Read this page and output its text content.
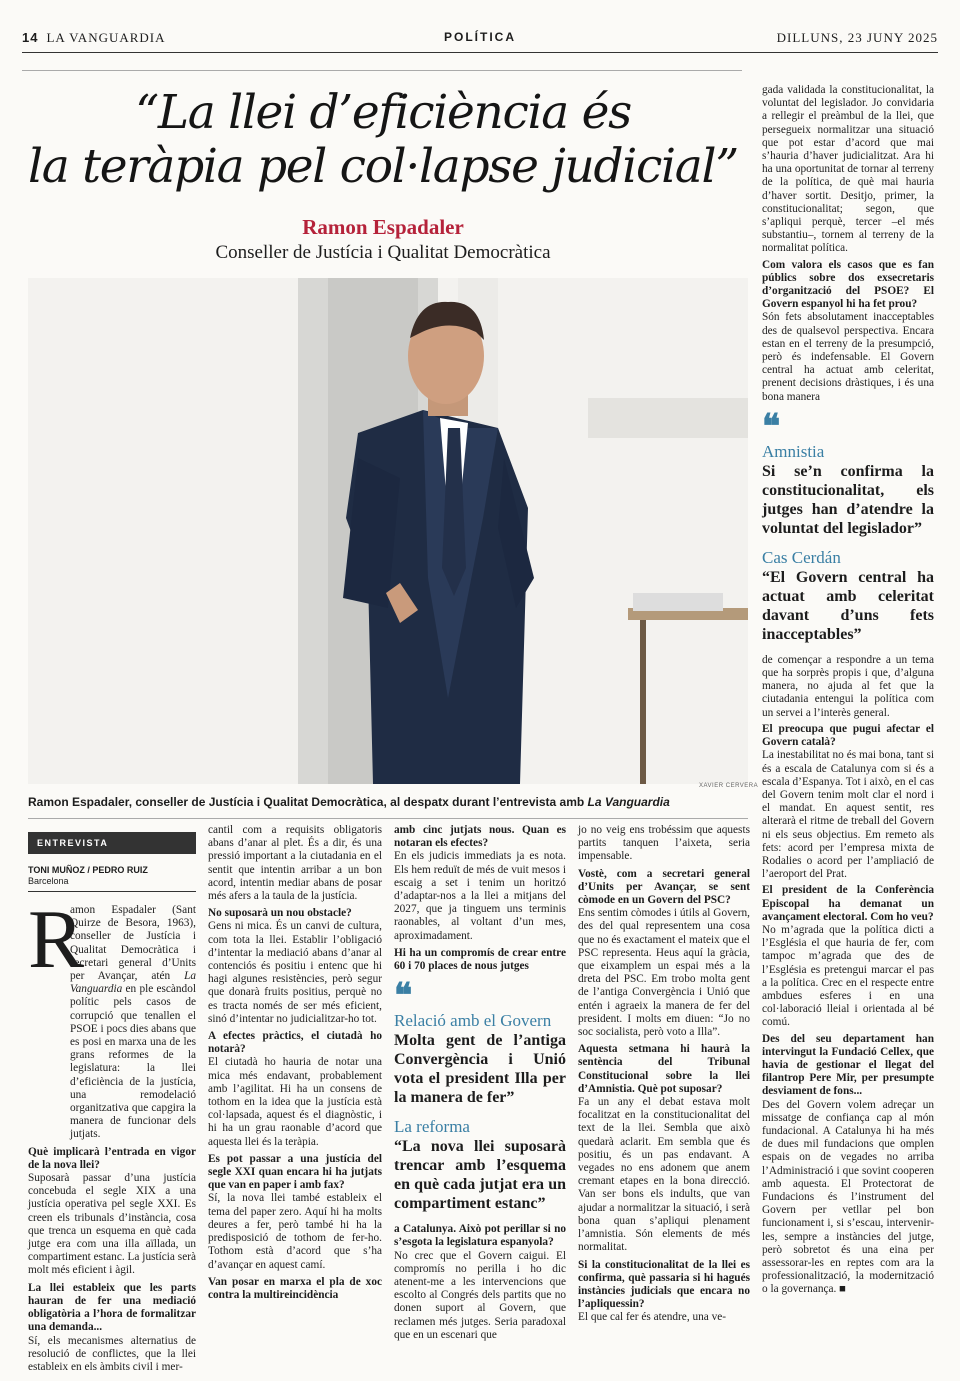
14 LA VANGUARDIA	POLÍTICA	DILLUNS, 23 JUNY 2025
“La llei d’eficiència és
la teràpia pel col·lapse judicial”
Ramon Espadaler
Conseller de Justícia i Qualitat Democràtica
XAVIER CERVERA
Ramon Espadaler, conseller de Justícia i Qualitat Democràtica, al despatx durant l’entrevista amb La Vanguardia
ENTREVISTA
TONI MUÑOZ / PEDRO RUIZ
Barcelona
R

amon Espadaler (Sant Quirze de Besora, 1963), conseller de Justícia i Qualitat Democràtica i secretari general d’Units per Avançar, atén La Vanguardia en ple escàndol polític pels casos de corrupció que tenallen el PSOE i pocs dies abans que es posi en marxa una de les grans reformes de la legislatura: la llei d’eficiència de la justícia, una remodelació organitzativa que capgira la manera de funcionar dels jutjats.

Què implicarà l’entrada en vigor de la nova llei?

Suposarà passar d’una justícia concebuda el segle XIX a una justícia operativa pel segle XXI. Es creen els tribunals d’instància, cosa que trenca un esquema en què cada jutge era com una illa aïllada, un compartiment estanc. La justícia serà molt més eficient i àgil.

La llei estableix que les parts hauran de fer una mediació obligatòria a l’hora de formalitzar una demanda...

Sí, els mecanismes alternatius de resolució de conflictes, que la llei estableix en els àmbits civil i mer-

cantil com a requisits obligatoris abans d’anar al plet. És a dir, és una pressió important a la ciutadania en el sentit que intentin arribar a un bon acord, intentin mediar abans de posar més afers a la taula de la justícia.

No suposarà un nou obstacle?

Gens ni mica. És un canvi de cultura, com tota la llei. Establir l’obligació d’intentar la mediació abans d’anar al contenciós és positiu i entenc que hi hagi algunes resistències, però segur que donarà fruits positius, perquè no es tracta només de ser més eficient, sinó d’intentar no judicialitzar-ho tot.

A efectes pràctics, el ciutadà ho notarà?

El ciutadà ho hauria de notar una mica més endavant, probablement amb l’agilitat. Hi ha un consens de tothom en la idea que la justícia està col·lapsada, aquest és el diagnòstic, i hi ha un grau raonable d’acord que aquesta llei és la teràpia.

Es pot passar a una justícia del segle XXI quan encara hi ha jutjats que van en paper i amb fax?

Sí, la nova llei també estableix el tema del paper zero. Aquí hi ha molts deures a fer, però també hi ha la predisposició de tothom de fer-ho. Tothom està d’acord que s’ha d’avançar en aquest camí.

Van posar en marxa el pla de xoc contra la multireincidència

amb cinc jutjats nous. Quan es notaran els efectes?

En els judicis immediats ja es nota. Els hem reduït de més de vuit mesos i escaig a set i tenim un horitzó d’adaptar-nos a la llei a mitjans del 2027, que ja tinguem uns terminis raonables, al voltant d’un mes, aproximadament.

Hi ha un compromís de crear entre 60 i 70 places de nous jutges

❝
Relació amb el Govern
Molta gent de l’antiga Convergència i Unió vota el president Illa per la manera de fer”
La reforma
“La nova llei suposarà trencar amb l’esquema en què cada jutjat era un compartiment estanc”

a Catalunya. Això pot perillar si no s’esgota la legislatura espanyola?

No crec que el Govern caigui. El compromís no perilla i ho dic atenent-me a les intervencions que escolto al Congrés dels partits que no donen suport al Govern, que reclamen més jutges. Seria paradoxal que en un escenari que

jo no veig ens trobéssim que aquests partits tanquen l’aixeta, seria impensable.

Vostè, com a secretari general d’Units per Avançar, se sent còmode en un Govern del PSC?

Ens sentim còmodes i útils al Govern, des del qual representem una cosa que no és exactament el mateix que el PSC representa. Heus aquí la gràcia, que eixamplem un espai més a la dreta del PSC. Em trobo molta gent de l’antiga Convergència i Unió que entén i agraeix la manera de fer del president. I molts em diuen: “Jo no soc socialista, però voto a Illa”.

Aquesta setmana hi haurà la sentència del Tribunal Constitucional sobre la llei d’Amnistia. Què pot suposar?

Fa un any el debat estava molt focalitzat en la constitucionalitat del text de la llei. Sembla que això quedarà aclarit. Em sembla que és positiu, és un pas endavant. A vegades no ens adonem que anem cremant etapes en la bona direcció. Van ser bons els indults, que van ajudar a normalitzar la situació, i serà bona quan s’apliqui plenament l’amnistia. Són elements de més normalitat.

Si la constitucionalitat de la llei es confirma, què passaria si hi hagués instàncies judicials que encara no l’apliquessin?

El que cal fer és atendre, una ve-

gada validada la constitucionalitat, la voluntat del legislador. Jo convidaria a rellegir el preàmbul de la llei, que persegueix normalitzar una situació que pot estar d’acord que mai s’hauria d’haver judicialitzat. Ara hi ha una oportunitat de tornar al terreny de la política, de què mai hauria d’haver sortit. Desitjo, primer, la constitucionalitat; segon, que s’apliqui perquè, tercer –el més substantiu–, tornem al terreny de la normalitat política.

Com valora els casos que es fan públics sobre dos exsecretaris d’organització del PSOE? El Govern espanyol hi ha fet prou?

Són fets absolutament inacceptables des de qualsevol perspectiva. Encara estan en el terreny de la presumpció, però és indefensable. El Govern central ha actuat amb celeritat, prenent decisions dràstiques, i és una bona manera

❝
Amnistia
Si se’n confirma la constitucionalitat, els jutges han d’atendre la voluntat del legislador”
Cas Cerdán
“El Govern central ha actuat amb celeritat davant d’uns fets inacceptables”

de començar a respondre a un tema que ha sorprès propis i que, d’alguna manera, no ajuda al fet que la ciutadania entengui la política com un servei a l’interès general.

El preocupa que pugui afectar el Govern català?

La inestabilitat no és mai bona, tant si és a escala de Catalunya com si és a escala d’Espanya. Tot i això, en el cas del Govern tenim molt clar el nord i el mandat. En aquest sentit, res alterarà el ritme de treball del Govern ni els seus objectius. Em remeto als fets: acord per l’empresa mixta de Rodalies o acord per l’ampliació de l’aeroport del Prat.

El president de la Conferència Episcopal ha demanat un avançament electoral. Com ho veu?

No m’agrada que la política dicti a l’Església el que hauria de fer, com tampoc m’agrada que des de l’Església es pretengui marcar el pas a la política. Crec en el respecte entre ambdues esferes i en una col·laboració lleial i orientada al bé comú.

Des del seu departament han intervingut la Fundació Cellex, que havia de gestionar el llegat del filantrop Pere Mir, per presumpte desviament de fons...

Des del Govern volem adreçar un missatge de confiança cap al món fundacional. A Catalunya hi ha més de dues mil fundacions que omplen espais on de vegades no arriba l’Administració i que sovint cooperen amb aquesta. El Protectorat de Fundacions és l’instrument del Govern per vetllar pel bon funcionament i, si s’escau, intervenir-les, sempre a instàncies del jutge, però sobretot és una eina per assessorar-les en reptes com ara la professionalització, la modernització o la governança. ■
